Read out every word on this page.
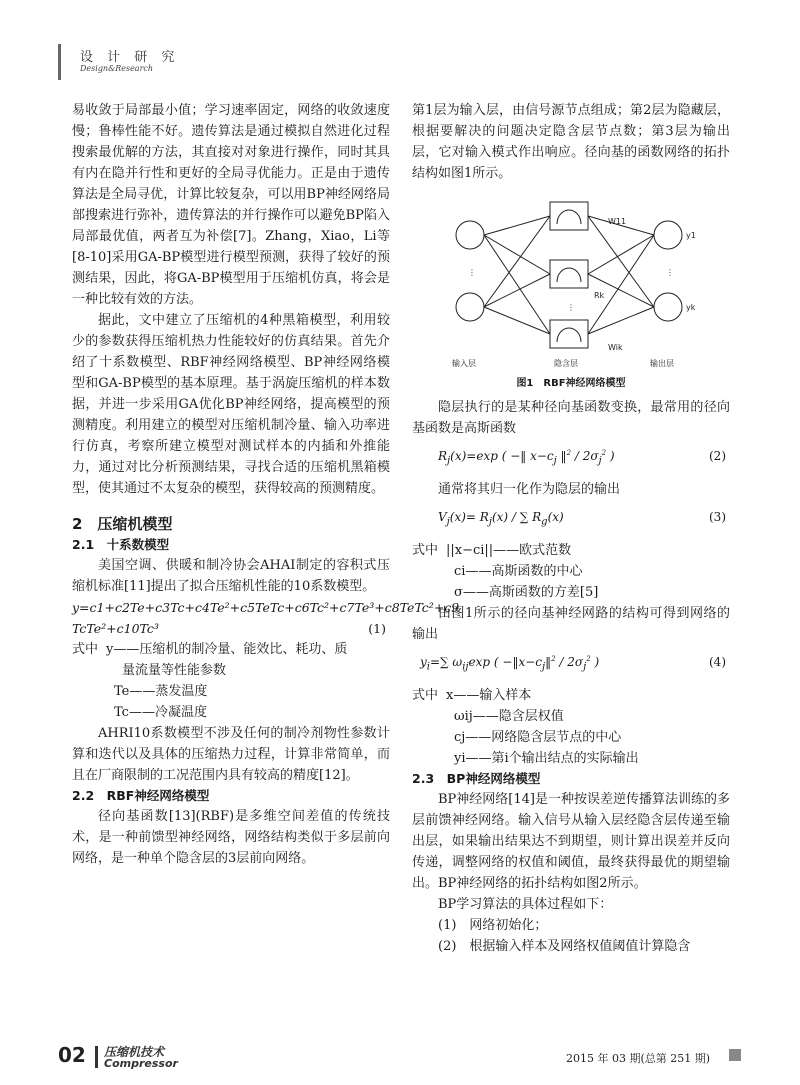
设 计 研 究
Design&Research

易收敛于局部最小值；学习速率固定，网络的收敛速度慢；鲁棒性能不好。遗传算法是通过模拟自然进化过程搜索最优解的方法，其直接对对象进行操作，同时其具有内在隐并行性和更好的全局寻优能力。正是由于遗传算法是全局寻优，计算比较复杂，可以用BP神经网络局部搜索进行弥补，遗传算法的并行操作可以避免BP陷入局部最优值，两者互为补偿[7]。Zhang，Xiao，Li等[8-10]采用GA-BP模型进行模型预测，获得了较好的预测结果，因此，将GA-BP模型用于压缩机仿真，将会是一种比较有效的方法。

据此，文中建立了压缩机的4种黑箱模型，利用较少的参数获得压缩机热力性能较好的仿真结果。首先介绍了十系数模型、RBF神经网络模型、BP神经网络模型和GA-BP模型的基本原理。基于涡旋压缩机的样本数据，并进一步采用GA优化BP神经网络，提高模型的预测精度。利用建立的模型对压缩机制冷量、输入功率进行仿真，考察所建立模型对测试样本的内插和外推能力，通过对比分析预测结果，寻找合适的压缩机黑箱模型，使其通过不太复杂的模型，获得较高的预测精度。

2　压缩机模型
2.1　十系数模型

美国空调、供暖和制冷协会AHAI制定的容积式压缩机标准[11]提出了拟合压缩机性能的10系数模型。

y=c1+c2Te+c3Tc+c4Te²+c5TeTc+c6Tc²+c7Te³+c8TeTc²+c9
TcTe²+c10Tc³	(1)
式中 y——压缩机的制冷量、能效比、耗功、质
量流量等性能参数
Te——蒸发温度
Tc——冷凝温度

AHRI10系数模型不涉及任何的制冷剂物性参数计算和迭代以及具体的压缩热力过程，计算非常简单，而且在厂商限制的工况范围内具有较高的精度[12]。

2.2　RBF神经网络模型

径向基函数[13](RBF)是多维空间差值的传统技术，是一种前馈型神经网络，网络结构类似于多层前向网络，是一种单个隐含层的3层前向网络。

第1层为输入层，由信号源节点组成；第2层为隐藏层，根据要解决的问题决定隐含层节点数；第3层为输出层，它对输入模式作出响应。径向基的函数网络的拓扑结构如图1所示。

⋮	⋮
⋮
W11
Rk
Wik
y1
yk
输入层	隐含层	输出层
图1　RBF神经网络模型

隐层执行的是某种径向基函数变换，最常用的径向基函数是高斯函数

$R_j(x)=\exp$ ( −‖ $x-c_j$ ‖$^2$ / $2\sigma_j^2$ )	(2)

通常将其归一化作为隐层的输出

$V_j(x)= R_j(x)$ / ∑ $R_g(x)$	(3)
式中 ||x−ci||——欧式范数
ci——高斯函数的中心
σ——高斯函数的方差[5]

由图1所示的径向基神经网路的结构可得到网络的输出

$y_i=\sum$ $\omega_{ij}\exp$ ( $-‖x-c_j‖^2 / 2\sigma_j^2$ )	(4)
式中 x——输入样本
ωij——隐含层权值
cj——网络隐含层节点的中心
yi——第i个输出结点的实际输出
2.3　BP神经网络模型

BP神经网络[14]是一种按误差逆传播算法训练的多层前馈神经网络。输入信号从输入层经隐含层传递至输出层，如果输出结果达不到期望，则计算出误差并反向传递，调整网络的权值和阈值，最终获得最优的期望输出。BP神经网络的拓扑结构如图2所示。

BP学习算法的具体过程如下：

(1)　网络初始化；

(2)　根据输入样本及网络权值阈值计算隐含

02 压缩机技术
Compressor	2015 年 03 期(总第 251 期)
